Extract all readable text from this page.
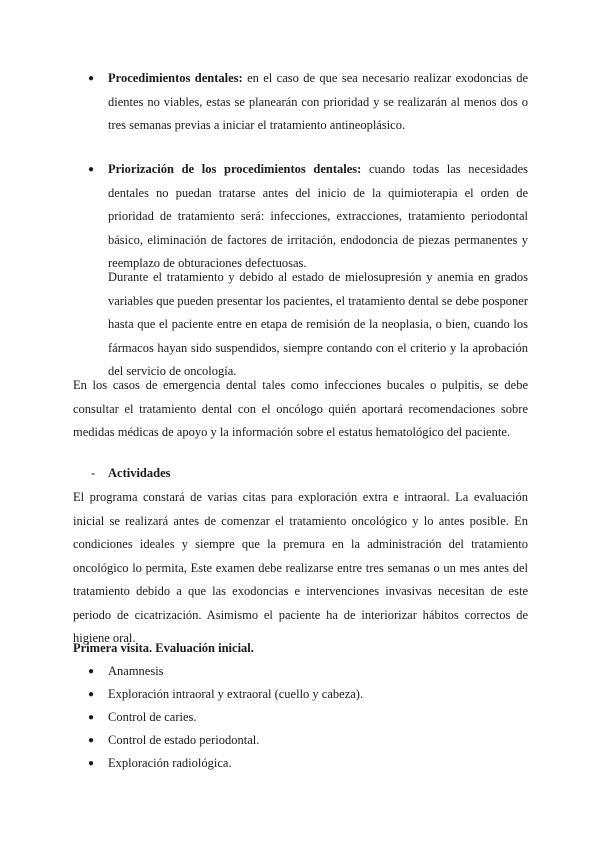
● Procedimientos dentales: en el caso de que sea necesario realizar exodoncias de dientes no viables, estas se planearán con prioridad y se realizarán al menos dos o tres semanas previas a iniciar el tratamiento antineoplásico.
● Priorización de los procedimientos dentales: cuando todas las necesidades dentales no puedan tratarse antes del inicio de la quimioterapia el orden de prioridad de tratamiento será: infecciones, extracciones, tratamiento periodontal básico, eliminación de factores de irritación, endodoncia de piezas permanentes y reemplazo de obturaciones defectuosas.
Durante el tratamiento y debido al estado de mielosupresión y anemia en grados variables que pueden presentar los pacientes, el tratamiento dental se debe posponer hasta que el paciente entre en etapa de remisión de la neoplasia, o bien, cuando los fármacos hayan sido suspendidos, siempre contando con el criterio y la aprobación del servicio de oncología.
En los casos de emergencia dental tales como infecciones bucales o pulpitis, se debe consultar el tratamiento dental con el oncólogo quién aportará recomendaciones sobre medidas médicas de apoyo y la información sobre el estatus hematológico del paciente.
- Actividades
El programa constará de varias citas para exploración extra e intraoral. La evaluación inicial se realizará antes de comenzar el tratamiento oncológico y lo antes posible. En condiciones ideales y siempre que la premura en la administración del tratamiento oncológico lo permita, Este examen debe realizarse entre tres semanas o un mes antes del tratamiento debido a que las exodoncias e intervenciones invasivas necesitan de este periodo de cicatrización. Asimismo el paciente ha de interiorizar hábitos correctos de higiene oral.
Primera visita. Evaluación inicial.
● Anamnesis
● Exploración intraoral y extraoral (cuello y cabeza).
● Control de caries.
● Control de estado periodontal.
● Exploración radiológica.
